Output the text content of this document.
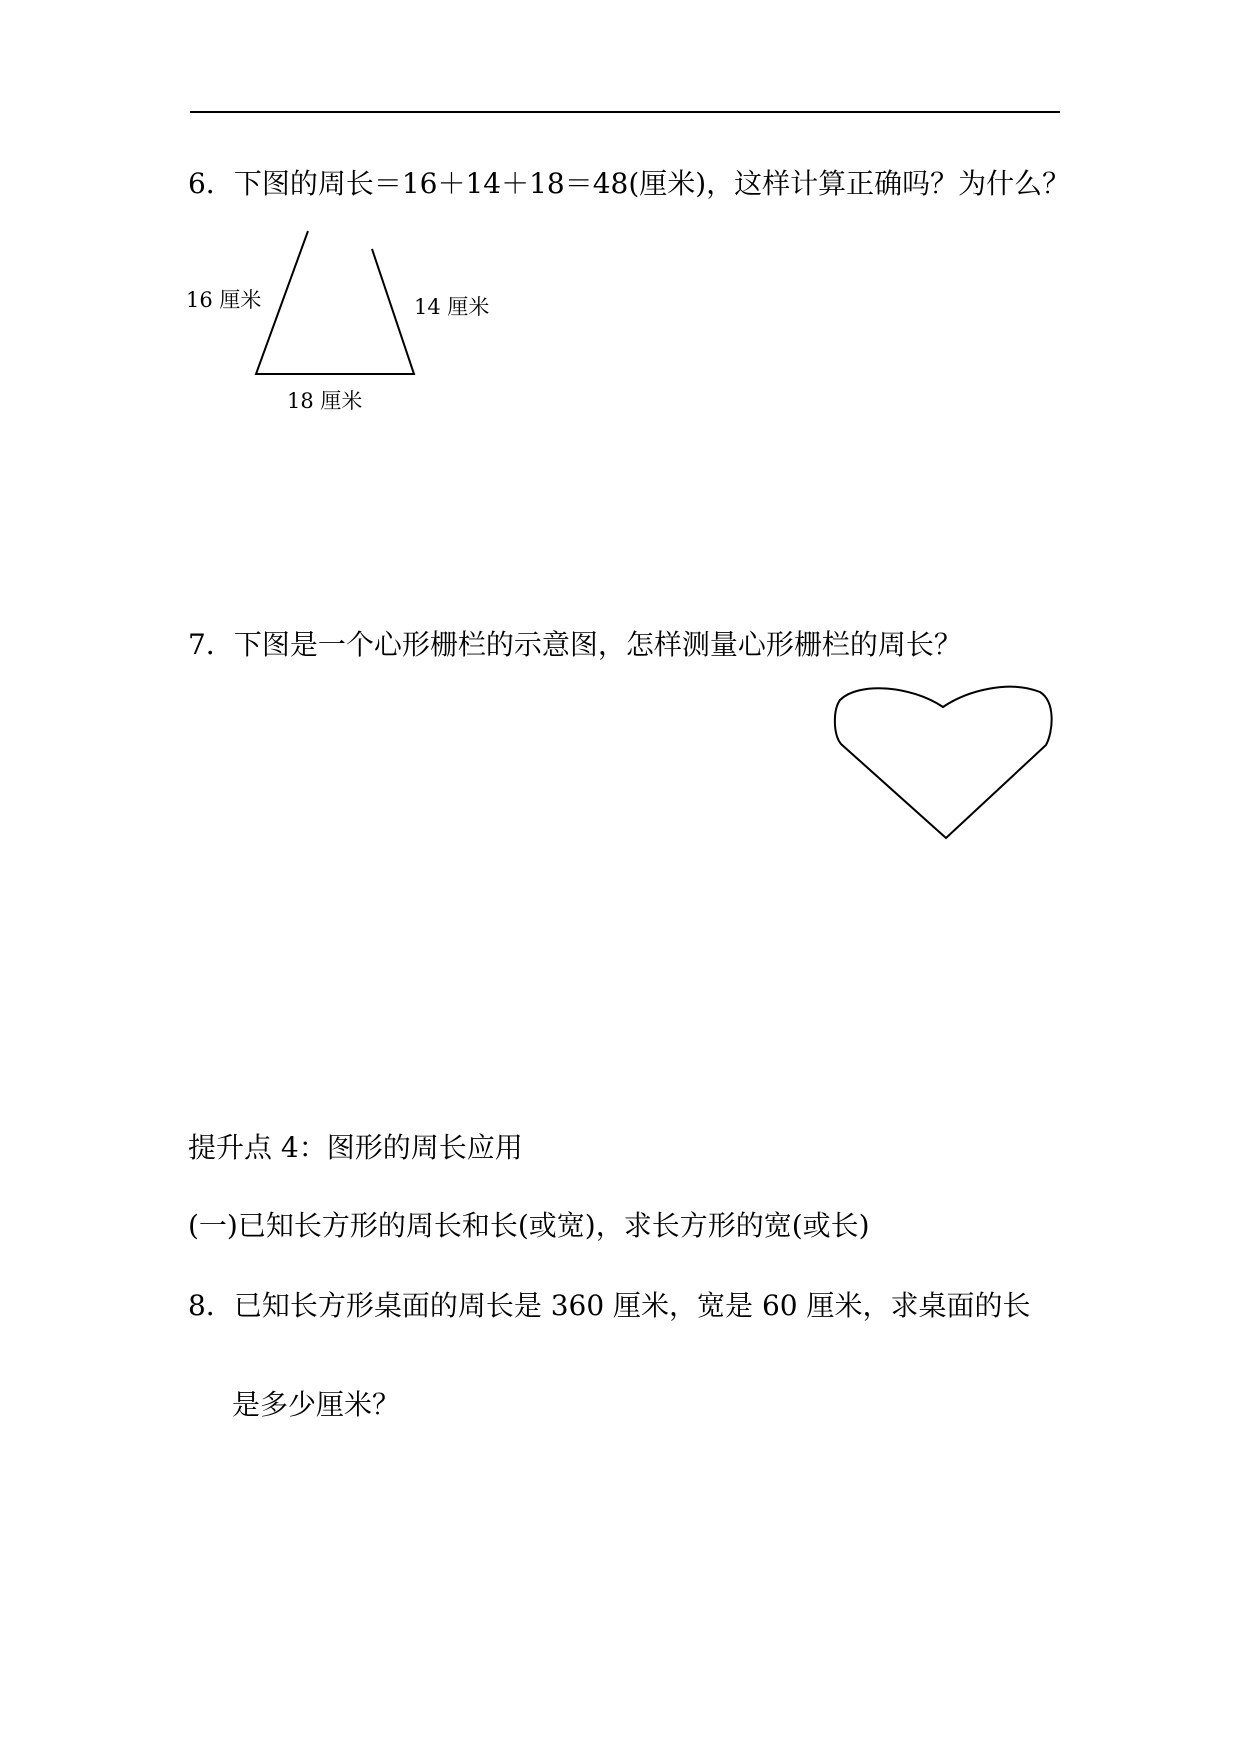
6．下图的周长＝16＋14＋18＝48(厘米)，这样计算正确吗？为什么？
16 厘米	14 厘米
18 厘米
7．下图是一个心形栅栏的示意图，怎样测量心形栅栏的周长？
提升点 4：图形的周长应用
(一)已知长方形的周长和长(或宽)，求长方形的宽(或长)
8．已知长方形桌面的周长是 360 厘米，宽是 60 厘米，求桌面的长
是多少厘米？
